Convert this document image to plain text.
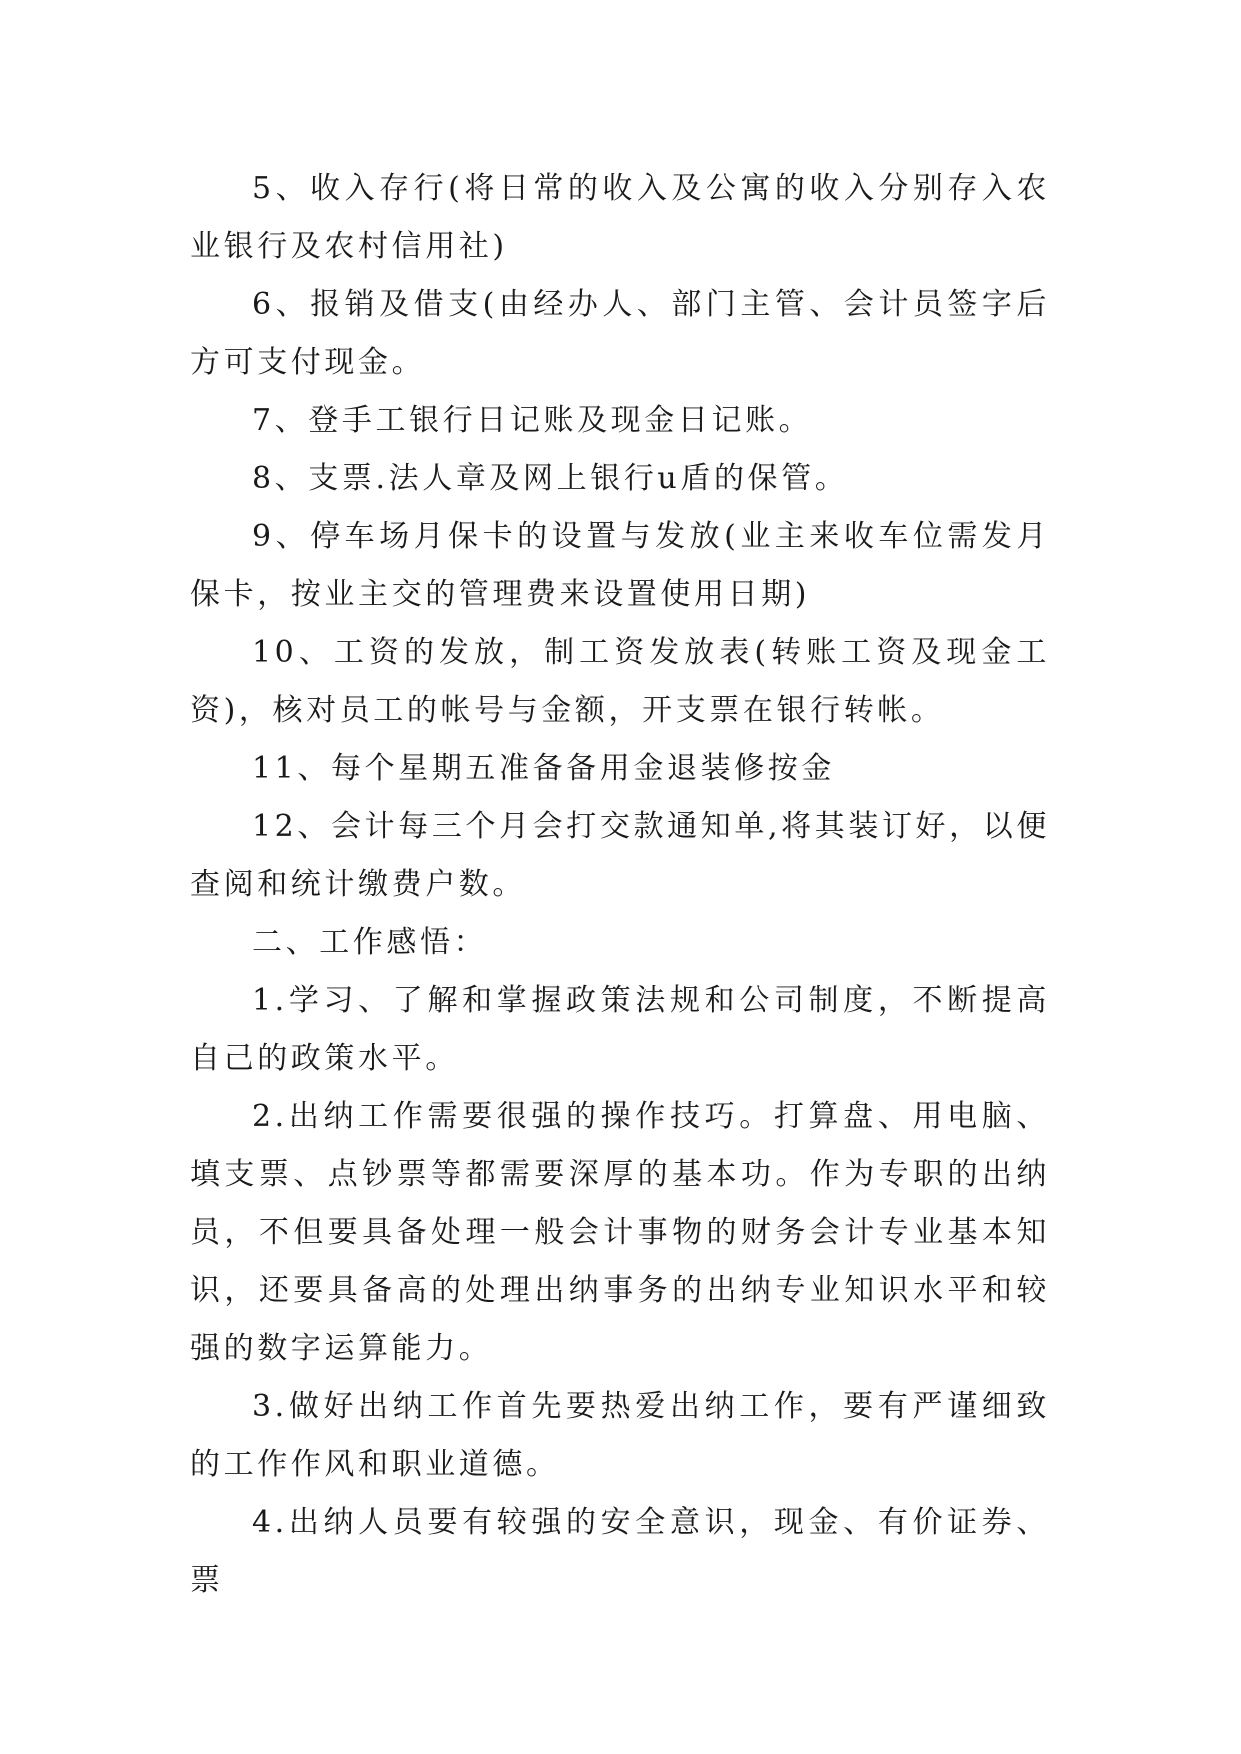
5、收入存行(将日常的收入及公寓的收入分别存入农业银行及农村信用社)

6、报销及借支(由经办人、部门主管、会计员签字后方可支付现金。

7、登手工银行日记账及现金日记账。

8、支票.法人章及网上银行u盾的保管。

9、停车场月保卡的设置与发放(业主来收车位需发月保卡，按业主交的管理费来设置使用日期)

10、工资的发放，制工资发放表(转账工资及现金工资)，核对员工的帐号与金额，开支票在银行转帐。

11、每个星期五准备备用金退装修按金

12、会计每三个月会打交款通知单,将其装订好，以便查阅和统计缴费户数。

二、工作感悟：

1.学习、了解和掌握政策法规和公司制度，不断提高自己的政策水平。

2.出纳工作需要很强的操作技巧。打算盘、用电脑、填支票、点钞票等都需要深厚的基本功。作为专职的出纳员，不但要具备处理一般会计事物的财务会计专业基本知识，还要具备高的处理出纳事务的出纳专业知识水平和较强的数字运算能力。

3.做好出纳工作首先要热爱出纳工作，要有严谨细致的工作作风和职业道德。

4.出纳人员要有较强的安全意识，现金、有价证券、票
